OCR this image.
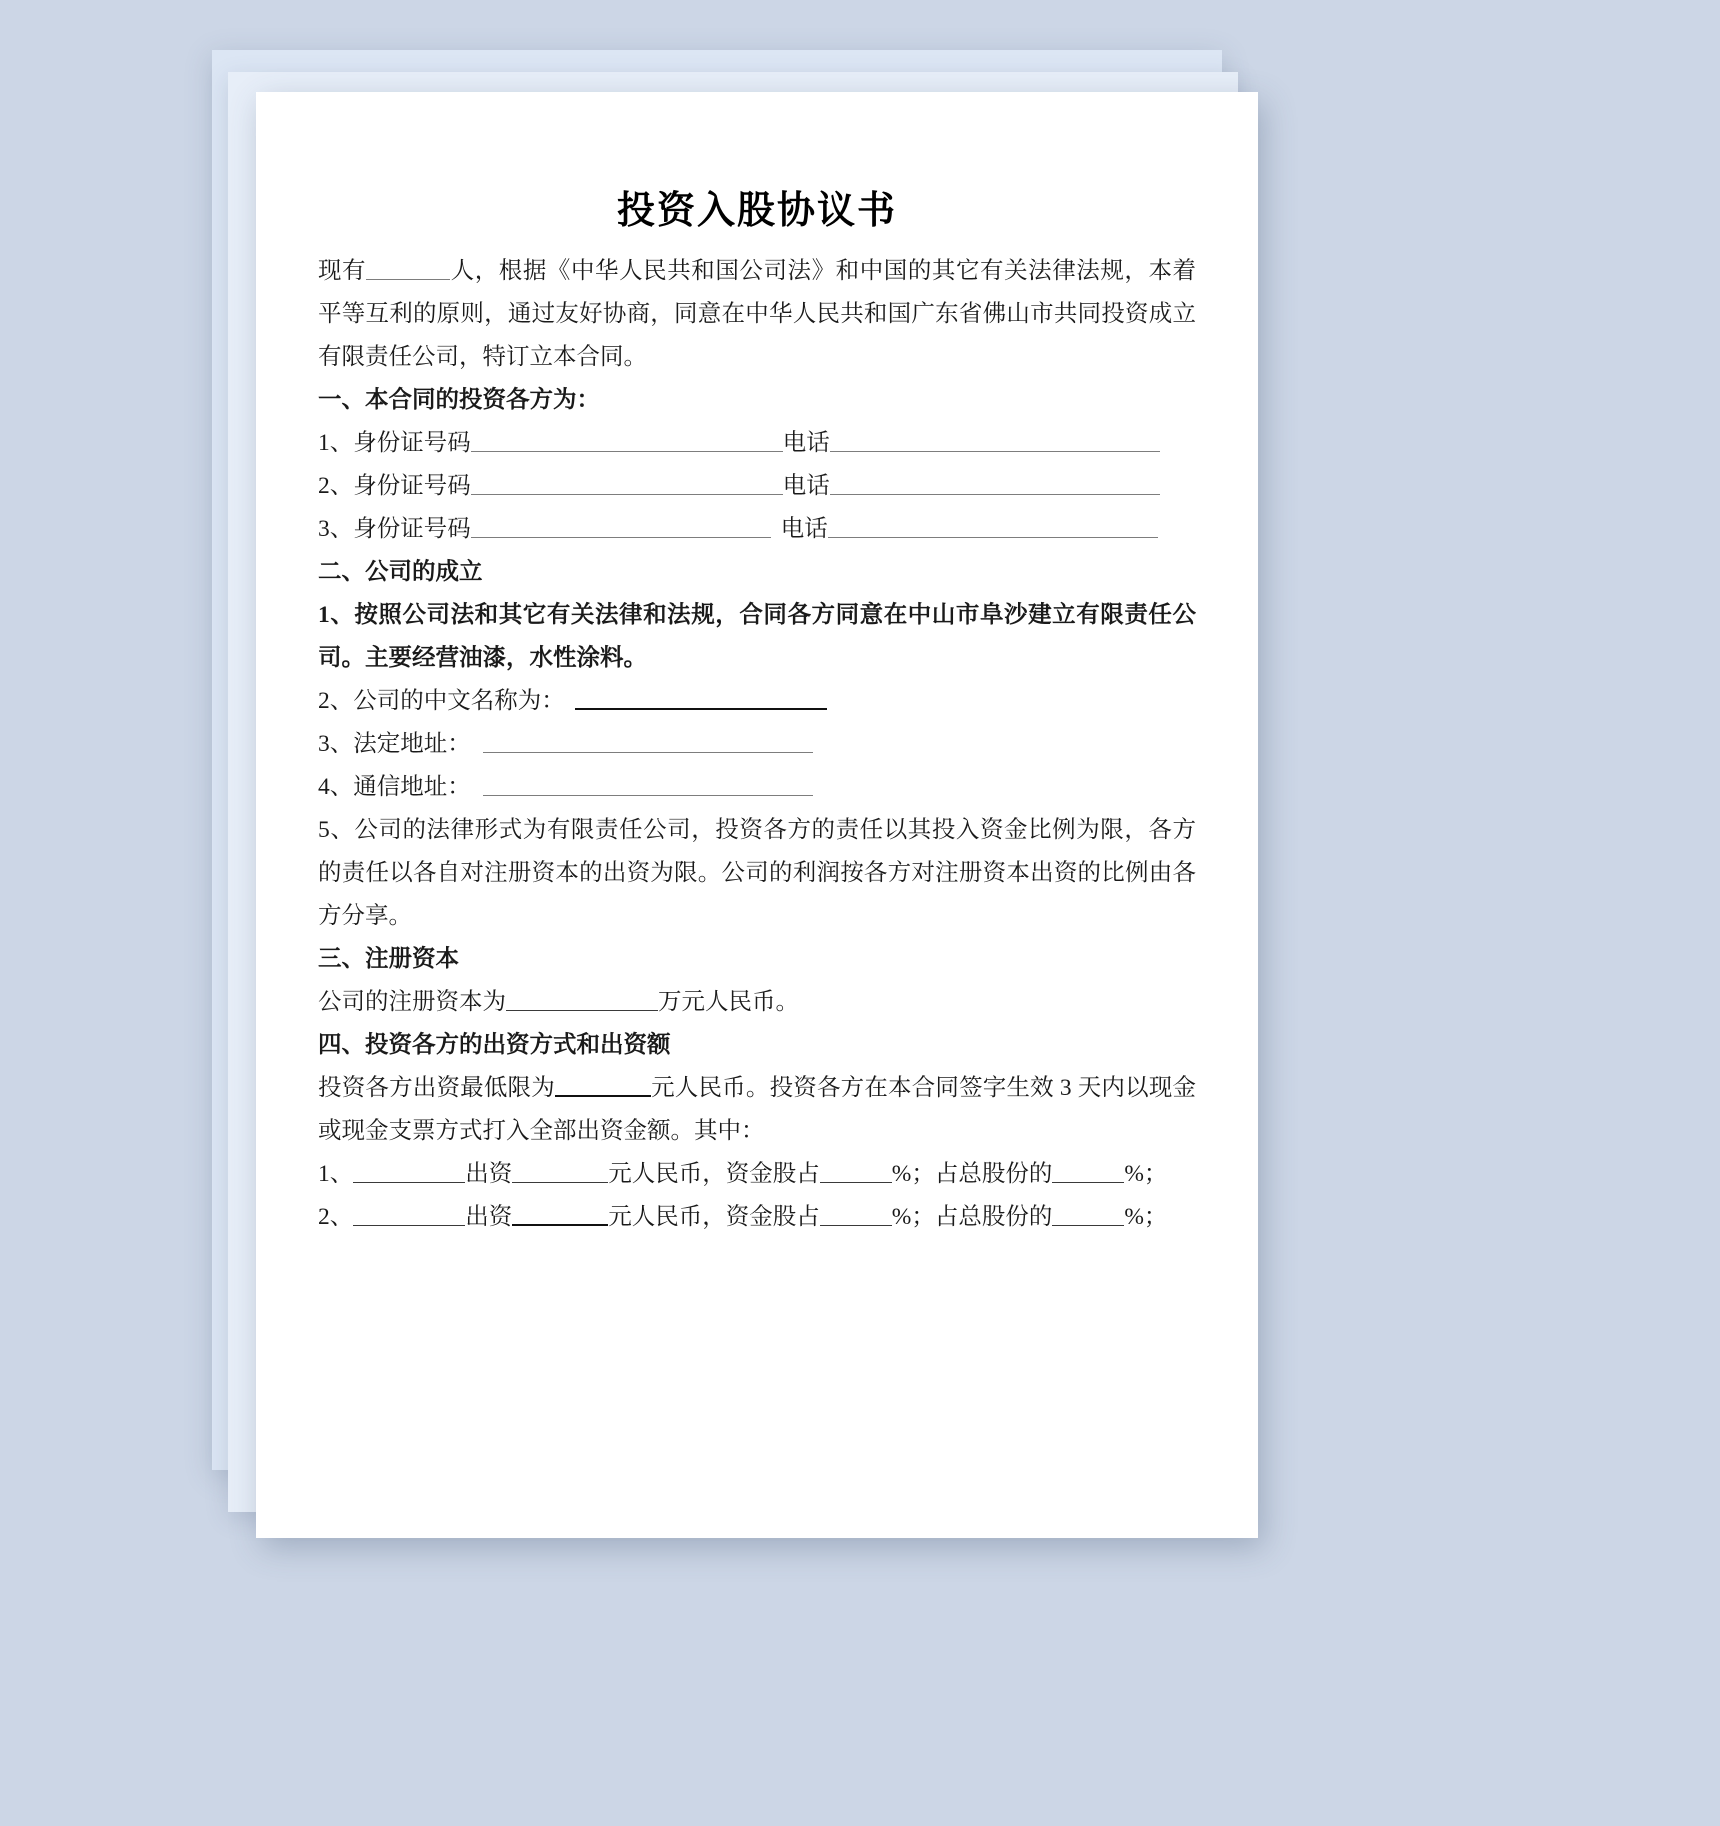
投资入股协议书

现有	人，根据《中华人民共和国公司法》和中国的其它有关法律法规，本着平等互利的原则，通过友好协商，同意在中华人民共和国广东省佛山市共同投资成立有限责任公司，特订立本合同。

一、本合同的投资各方为：

1、身份证号码	电话
2、身份证号码	电话
3、身份证号码	电话

二、公司的成立

1、按照公司法和其它有关法律和法规，合同各方同意在中山市阜沙建立有限责任公司。主要经营油漆，水性涂料。

2、公司的中文名称为：
3、法定地址：
4、通信地址：

5、公司的法律形式为有限责任公司，投资各方的责任以其投入资金比例为限，各方的责任以各自对注册资本的出资为限。公司的利润按各方对注册资本出资的比例由各方分享。

三、注册资本

公司的注册资本为	万元人民币。

四、投资各方的出资方式和出资额

投资各方出资最低限为	元人民币。投资各方在本合同签字生效 3 天内以现金或现金支票方式打入全部出资金额。其中：

1、	出资	元人民币，资金股占	%；占总股份的	%；
2、	出资	元人民币，资金股占	%；占总股份的	%；
